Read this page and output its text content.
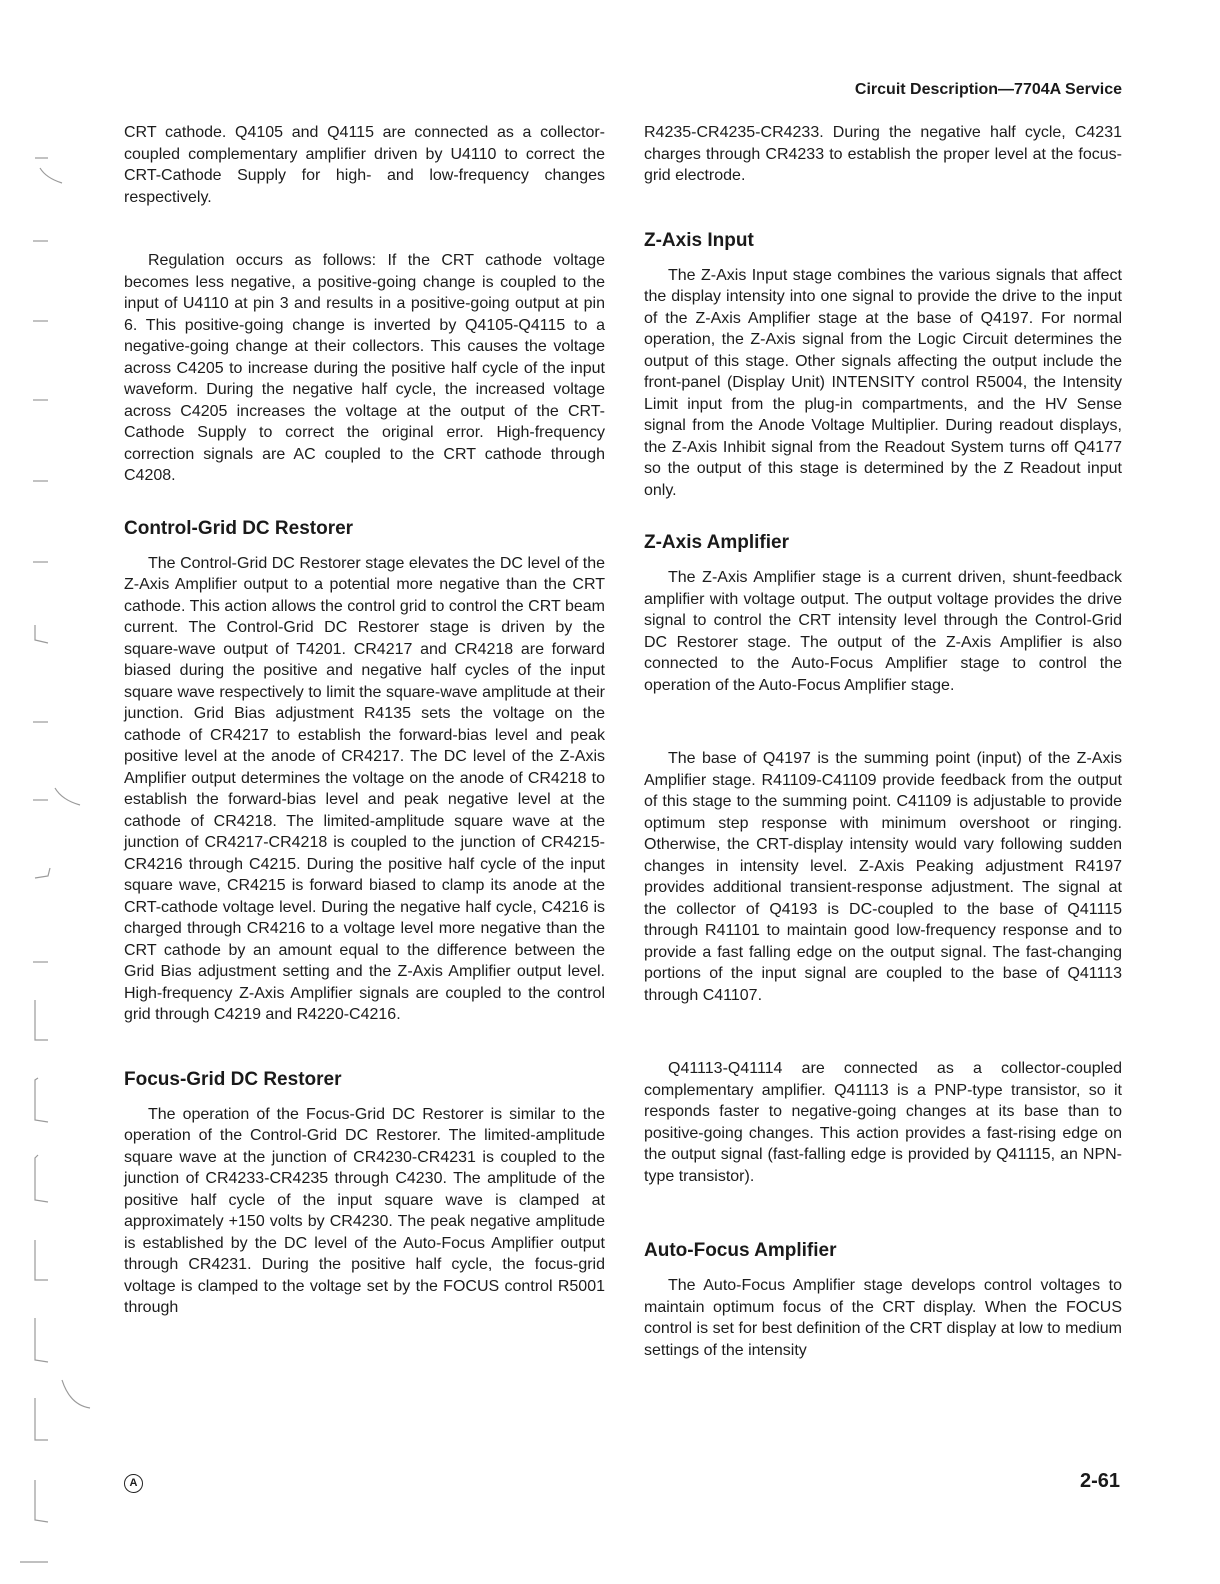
Circuit Description—7704A Service

CRT cathode. Q4105 and Q4115 are connected as a collector-coupled complementary amplifier driven by U4110 to correct the CRT-Cathode Supply for high- and low-frequency changes respectively.

Regulation occurs as follows: If the CRT cathode voltage becomes less negative, a positive-going change is coupled to the input of U4110 at pin 3 and results in a positive-going output at pin 6. This positive-going change is inverted by Q4105-Q4115 to a negative-going change at their collectors. This causes the voltage across C4205 to increase during the positive half cycle of the input waveform. During the negative half cycle, the increased voltage across C4205 increases the voltage at the output of the CRT-Cathode Supply to correct the original error. High-frequency correction signals are AC coupled to the CRT cathode through C4208.

Control-Grid DC Restorer

The Control-Grid DC Restorer stage elevates the DC level of the Z-Axis Amplifier output to a potential more negative than the CRT cathode. This action allows the control grid to control the CRT beam current. The Control-Grid DC Restorer stage is driven by the square-wave output of T4201. CR4217 and CR4218 are forward biased during the positive and negative half cycles of the input square wave respectively to limit the square-wave amplitude at their junction. Grid Bias adjustment R4135 sets the voltage on the cathode of CR4217 to establish the forward-bias level and peak positive level at the anode of CR4217. The DC level of the Z-Axis Amplifier output determines the voltage on the anode of CR4218 to establish the forward-bias level and peak negative level at the cathode of CR4218. The limited-amplitude square wave at the junction of CR4217-CR4218 is coupled to the junction of CR4215-CR4216 through C4215. During the positive half cycle of the input square wave, CR4215 is forward biased to clamp its anode at the CRT-cathode voltage level. During the negative half cycle, C4216 is charged through CR4216 to a voltage level more negative than the CRT cathode by an amount equal to the difference between the Grid Bias adjustment setting and the Z-Axis Amplifier output level. High-frequency Z-Axis Amplifier signals are coupled to the control grid through C4219 and R4220-C4216.

Focus-Grid DC Restorer

The operation of the Focus-Grid DC Restorer is similar to the operation of the Control-Grid DC Restorer. The limited-amplitude square wave at the junction of CR4230-CR4231 is coupled to the junction of CR4233-CR4235 through C4230. The amplitude of the positive half cycle of the input square wave is clamped at approximately +150 volts by CR4230. The peak negative amplitude is established by the DC level of the Auto-Focus Amplifier output through CR4231. During the positive half cycle, the focus-grid voltage is clamped to the voltage set by the FOCUS control R5001 through

R4235-CR4235-CR4233. During the negative half cycle, C4231 charges through CR4233 to establish the proper level at the focus-grid electrode.

Z-Axis Input

The Z-Axis Input stage combines the various signals that affect the display intensity into one signal to provide the drive to the input of the Z-Axis Amplifier stage at the base of Q4197. For normal operation, the Z-Axis signal from the Logic Circuit determines the output of this stage. Other signals affecting the output include the front-panel (Display Unit) INTENSITY control R5004, the Intensity Limit input from the plug-in compartments, and the HV Sense signal from the Anode Voltage Multiplier. During readout displays, the Z-Axis Inhibit signal from the Readout System turns off Q4177 so the output of this stage is determined by the Z Readout input only.

Z-Axis Amplifier

The Z-Axis Amplifier stage is a current driven, shunt-feedback amplifier with voltage output. The output voltage provides the drive signal to control the CRT intensity level through the Control-Grid DC Restorer stage. The output of the Z-Axis Amplifier is also connected to the Auto-Focus Amplifier stage to control the operation of the Auto-Focus Amplifier stage.

The base of Q4197 is the summing point (input) of the Z-Axis Amplifier stage. R41109-C41109 provide feedback from the output of this stage to the summing point. C41109 is adjustable to provide optimum step response with minimum overshoot or ringing. Otherwise, the CRT-display intensity would vary following sudden changes in intensity level. Z-Axis Peaking adjustment R4197 provides additional transient-response adjustment. The signal at the collector of Q4193 is DC-coupled to the base of Q41115 through R41101 to maintain good low-frequency response and to provide a fast falling edge on the output signal. The fast-changing portions of the input signal are coupled to the base of Q41113 through C41107.

Q41113-Q41114 are connected as a collector-coupled complementary amplifier. Q41113 is a PNP-type transistor, so it responds faster to negative-going changes at its base than to positive-going changes. This action provides a fast-rising edge on the output signal (fast-falling edge is provided by Q41115, an NPN-type transistor).

Auto-Focus Amplifier

The Auto-Focus Amplifier stage develops control voltages to maintain optimum focus of the CRT display. When the FOCUS control is set for best definition of the CRT display at low to medium settings of the intensity

A	2-61
